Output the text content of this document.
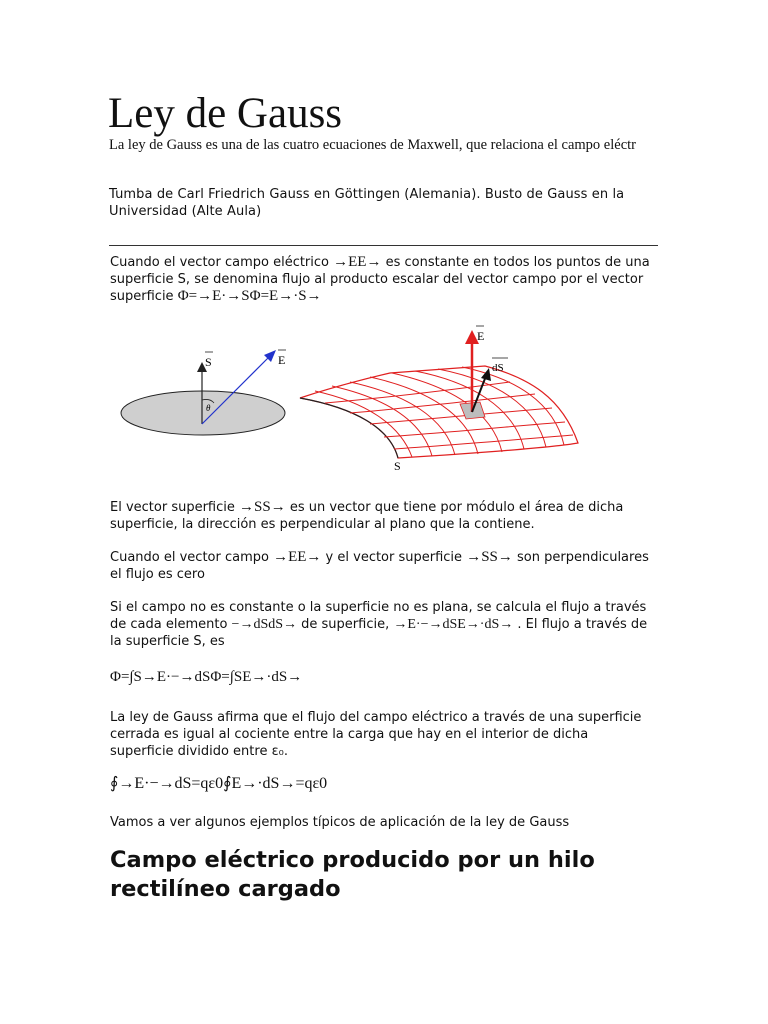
Ley de Gauss

La ley de Gauss es una de las cuatro ecuaciones de Maxwell, que relaciona el campo eléctr

Tumba de Carl Friedrich Gauss en Göttingen (Alemania). Busto de Gauss en la Universidad (Alte Aula)

Cuando el vector campo eléctrico →EE→ es constante en todos los puntos de una superficie S, se denomina flujo al producto escalar del vector campo por el vector superficie Φ=→E·→SΦ=E→·S→

θ
S	E
E
dS
S

El vector superficie →SS→ es un vector que tiene por módulo el área de dicha superficie, la dirección es perpendicular al plano que la contiene.

Cuando el vector campo →EE→ y el vector superficie →SS→ son perpendiculares el flujo es cero

Si el campo no es constante o la superficie no es plana, se calcula el flujo a través de cada elemento −→dSdS→ de superficie, →E·−→dSE→·dS→ . El flujo a través de la superficie S, es

Φ=∫S→E·−→dSΦ=∫SE→·dS→

La ley de Gauss afirma que el flujo del campo eléctrico a través de una superficie cerrada es igual al cociente entre la carga que hay en el interior de dicha superficie dividido entre ε₀.

∮→E·−→dS=qε0∮E→·dS→=qε0

Vamos a ver algunos ejemplos típicos de aplicación de la ley de Gauss

Campo eléctrico producido por un hilo rectilíneo cargado
